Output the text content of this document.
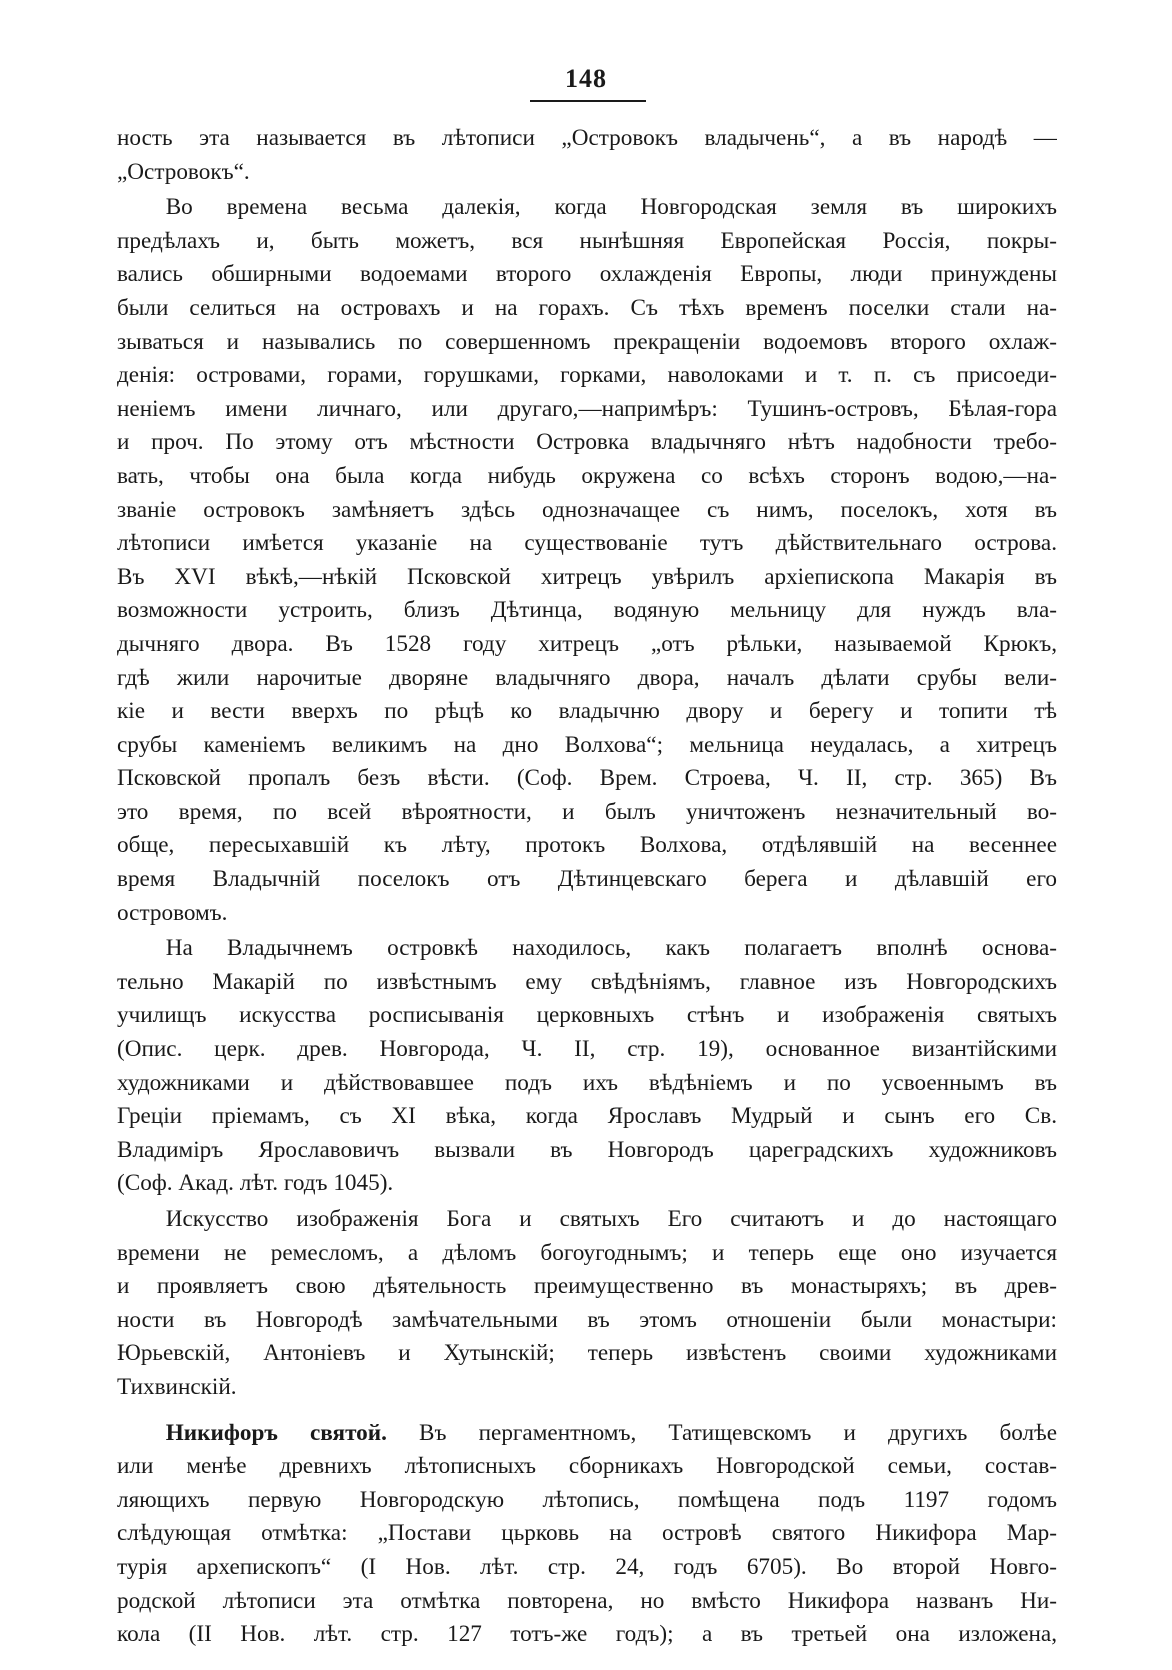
148

ность эта называется въ лѣтописи „Островокъ владычень“, а въ народѣ —
„Островокъ“.

Во времена весьма далекія, когда Новгородская земля въ широкихъ
предѣлахъ и, быть можетъ, вся нынѣшняя Европейская Россія, покры-
вались обширными водоемами второго охлажденія Европы, люди принуждены
были селиться на островахъ и на горахъ. Съ тѣхъ временъ поселки стали на-
зываться и назывались по совершенномъ прекращеніи водоемовъ второго охлаж-
денія: островами, горами, горушками, горками, наволоками и т. п. съ присоеди-
неніемъ имени личнаго, или другаго,—напримѣръ: Тушинъ-островъ, Бѣлая-гора
и проч. По этому отъ мѣстности Островка владычняго нѣтъ надобности требо-
вать, чтобы она была когда нибудь окружена со всѣхъ сторонъ водою,—на-
званіе островокъ замѣняетъ здѣсь однозначащее съ нимъ, поселокъ, хотя въ
лѣтописи имѣется указаніе на существованіе тутъ дѣйствительнаго острова.
Въ XVI вѣкѣ,—нѣкій Псковской хитрецъ увѣрилъ архіепископа Макарія въ
возможности устроить, близъ Дѣтинца, водяную мельницу для нуждъ вла-
дычняго двора. Въ 1528 году хитрецъ „отъ рѣльки, называемой Крюкъ,
гдѣ жили нарочитые дворяне владычняго двора, началъ дѣлати срубы вели-
кіе и вести вверхъ по рѣцѣ ко владычню двору и берегу и топити тѣ
срубы каменіемъ великимъ на дно Волхова“; мельница неудалась, а хитрецъ
Псковской пропалъ безъ вѣсти. (Соф. Врем. Строева, Ч. II, стр. 365) Въ
это время, по всей вѣроятности, и былъ уничтоженъ незначительный во-
обще, пересыхавшій къ лѣту, протокъ Волхова, отдѣлявшій на весеннее
время Владычній поселокъ отъ Дѣтинцевскаго берега и дѣлавшій его
островомъ.

На Владычнемъ островкѣ находилось, какъ полагаетъ вполнѣ основа-
тельно Макарій по извѣстнымъ ему свѣдѣніямъ, главное изъ Новгородскихъ
училищъ искусства росписыванія церковныхъ стѣнъ и изображенія святыхъ
(Опис. церк. древ. Новгорода, Ч. II, стр. 19), основанное византійскими
художниками и дѣйствовавшее подъ ихъ вѣдѣніемъ и по усвоеннымъ въ
Греціи пріемамъ, съ XI вѣка, когда Ярославъ Мудрый и сынъ его Св.
Владиміръ Ярославовичъ вызвали въ Новгородъ цареградскихъ художниковъ
(Соф. Акад. лѣт. годъ 1045).

Искусство изображенія Бога и святыхъ Его считаютъ и до настоящаго
времени не ремесломъ, а дѣломъ богоугоднымъ; и теперь еще оно изучается
и проявляетъ свою дѣятельность преимущественно въ монастыряхъ; въ древ-
ности въ Новгородѣ замѣчательными въ этомъ отношеніи были монастыри:
Юрьевскій, Антоніевъ и Хутынскій; теперь извѣстенъ своими художниками
Тихвинскій.

Никифоръ святой. Въ пергаментномъ, Татищевскомъ и другихъ болѣе
или менѣе древнихъ лѣтописныхъ сборникахъ Новгородской семьи, состав-
ляющихъ первую Новгородскую лѣтопись, помѣщена подъ 1197 годомъ
слѣдующая отмѣтка: „Постави цьрковь на островѣ святого Никифора Мар-
турія архепископъ“ (I Нов. лѣт. стр. 24, годъ 6705). Во второй Новго-
родской лѣтописи эта отмѣтка повторена, но вмѣсто Никифора названъ Ни-
кола (II Нов. лѣт. стр. 127 тотъ-же годъ); а въ третьей она изложена,
